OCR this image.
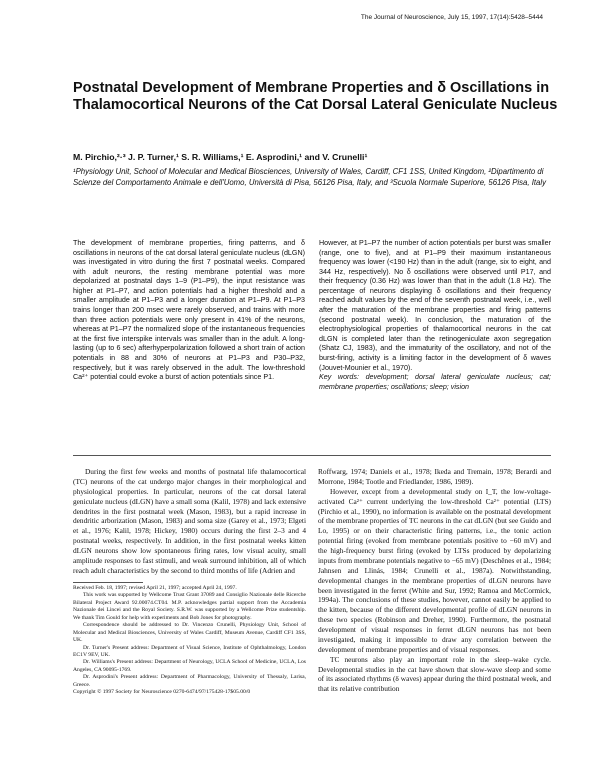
The Journal of Neuroscience, July 15, 1997, 17(14):5428–5444
Postnatal Development of Membrane Properties and δ Oscillations in Thalamocortical Neurons of the Cat Dorsal Lateral Geniculate Nucleus

M. Pirchio,²·³ J. P. Turner,¹ S. R. Williams,¹ E. Asprodini,¹ and V. Crunelli¹

¹Physiology Unit, School of Molecular and Medical Biosciences, University of Wales, Cardiff, CF1 1SS, United Kingdom, ²Dipartimento di Scienze del Comportamento Animale e dell'Uomo, Università di Pisa, 56126 Pisa, Italy, and ³Scuola Normale Superiore, 56126 Pisa, Italy

The development of membrane properties, firing patterns, and δ oscillations in neurons of the cat dorsal lateral geniculate nucleus (dLGN) was investigated in vitro during the first 7 postnatal weeks. Compared with adult neurons, the resting membrane potential was more depolarized at postnatal days 1–9 (P1–P9), the input resistance was higher at P1–P7, and action potentials had a higher threshold and a smaller amplitude at P1–P3 and a longer duration at P1–P9. At P1–P3 trains longer than 200 msec were rarely observed, and trains with more than three action potentials were only present in 41% of the neurons, whereas at P1–P7 the normalized slope of the instantaneous frequencies at the first five interspike intervals was smaller than in the adult. A long-lasting (up to 6 sec) afterhyperpolarization followed a short train of action potentials in 88 and 30% of neurons at P1–P3 and P30–P32, respectively, but it was rarely observed in the adult. The low-threshold Ca²⁺ potential could evoke a burst of action potentials since P1.

However, at P1–P7 the number of action potentials per burst was smaller (range, one to five), and at P1–P9 their maximum instantaneous frequency was lower (<190 Hz) than in the adult (range, six to eight, and 344 Hz, respectively). No δ oscillations were observed until P17, and their frequency (0.36 Hz) was lower than that in the adult (1.8 Hz). The percentage of neurons displaying δ oscillations and their frequency reached adult values by the end of the seventh postnatal week, i.e., well after the maturation of the membrane properties and firing patterns (second postnatal week). In conclusion, the maturation of the electrophysiological properties of thalamocortical neurons in the cat dLGN is completed later than the retinogeniculate axon segregation (Shatz CJ, 1983), and the immaturity of the oscillatory, and not of the burst-firing, activity is a limiting factor in the development of δ waves (Jouvet-Mounier et al., 1970).

Key words: development; dorsal lateral geniculate nucleus; cat; membrane properties; oscillations; sleep; vision

During the first few weeks and months of postnatal life thalamocortical (TC) neurons of the cat undergo major changes in their morphological and physiological properties. In particular, neurons of the cat dorsal lateral geniculate nucleus (dLGN) have a small soma (Kalil, 1978) and lack extensive dendrites in the first postnatal week (Mason, 1983), but a rapid increase in dendritic arborization (Mason, 1983) and soma size (Garey et al., 1973; Elgeti et al., 1976; Kalil, 1978; Hickey, 1980) occurs during the first 2–3 and 4 postnatal weeks, respectively. In addition, in the first postnatal weeks kitten dLGN neurons show low spontaneous firing rates, low visual acuity, small amplitude responses to fast stimuli, and weak surround inhibition, all of which reach adult characteristics by the second to third months of life (Adrien and

Received Feb. 18, 1997; revised April 21, 1997; accepted April 24, 1997.

This work was supported by Wellcome Trust Grant 37089 and Consiglio Nazionale delle Ricerche Bilateral Project Award 92.00074.CT04. M.P. acknowledges partial support from the Accademia Nazionale dei Lincei and the Royal Society. S.R.W. was supported by a Wellcome Prize studentship. We thank Tim Gould for help with experiments and Bob Jones for photography.

Correspondence should be addressed to Dr. Vincenzo Crunelli, Physiology Unit, School of Molecular and Medical Biosciences, University of Wales Cardiff, Museum Avenue, Cardiff CF1 3SS, UK.

Dr. Turner's Present address: Department of Visual Science, Institute of Ophthalmology, London EC1V 9EV, UK.

Dr. Williams's Present address: Department of Neurology, UCLA School of Medicine, UCLA, Los Angeles, CA 90095-1769.

Dr. Asprodini's Present address: Department of Pharmacology, University of Thessaly, Larisa, Greece.

Copyright © 1997 Society for Neuroscience 0270-6474/97/175428-17$05.00/0

Roffwarg, 1974; Daniels et al., 1978; Ikeda and Tremain, 1978; Berardi and Morrone, 1984; Tootle and Friedlander, 1986, 1989).

However, except from a developmental study on I_T, the low-voltage-activated Ca²⁺ current underlying the low-threshold Ca²⁺ potential (LTS) (Pirchio et al., 1990), no information is available on the postnatal development of the membrane properties of TC neurons in the cat dLGN (but see Guido and Lo, 1995) or on their characteristic firing patterns, i.e., the tonic action potential firing (evoked from membrane potentials positive to −60 mV) and the high-frequency burst firing (evoked by LTSs produced by depolarizing inputs from membrane potentials negative to −65 mV) (Deschênes et al., 1984; Jahnsen and Llinás, 1984; Crunelli et al., 1987a). Notwithstanding, developmental changes in the membrane properties of dLGN neurons have been investigated in the ferret (White and Sur, 1992; Ramoa and McCormick, 1994a). The conclusions of these studies, however, cannot easily be applied to the kitten, because of the different developmental profile of dLGN neurons in these two species (Robinson and Dreher, 1990). Furthermore, the postnatal development of visual responses in ferret dLGN neurons has not been investigated, making it impossible to draw any correlation between the development of membrane properties and of visual responses.

TC neurons also play an important role in the sleep–wake cycle. Developmental studies in the cat have shown that slow-wave sleep and some of its associated rhythms (δ waves) appear during the third postnatal week, and that its relative contribution
